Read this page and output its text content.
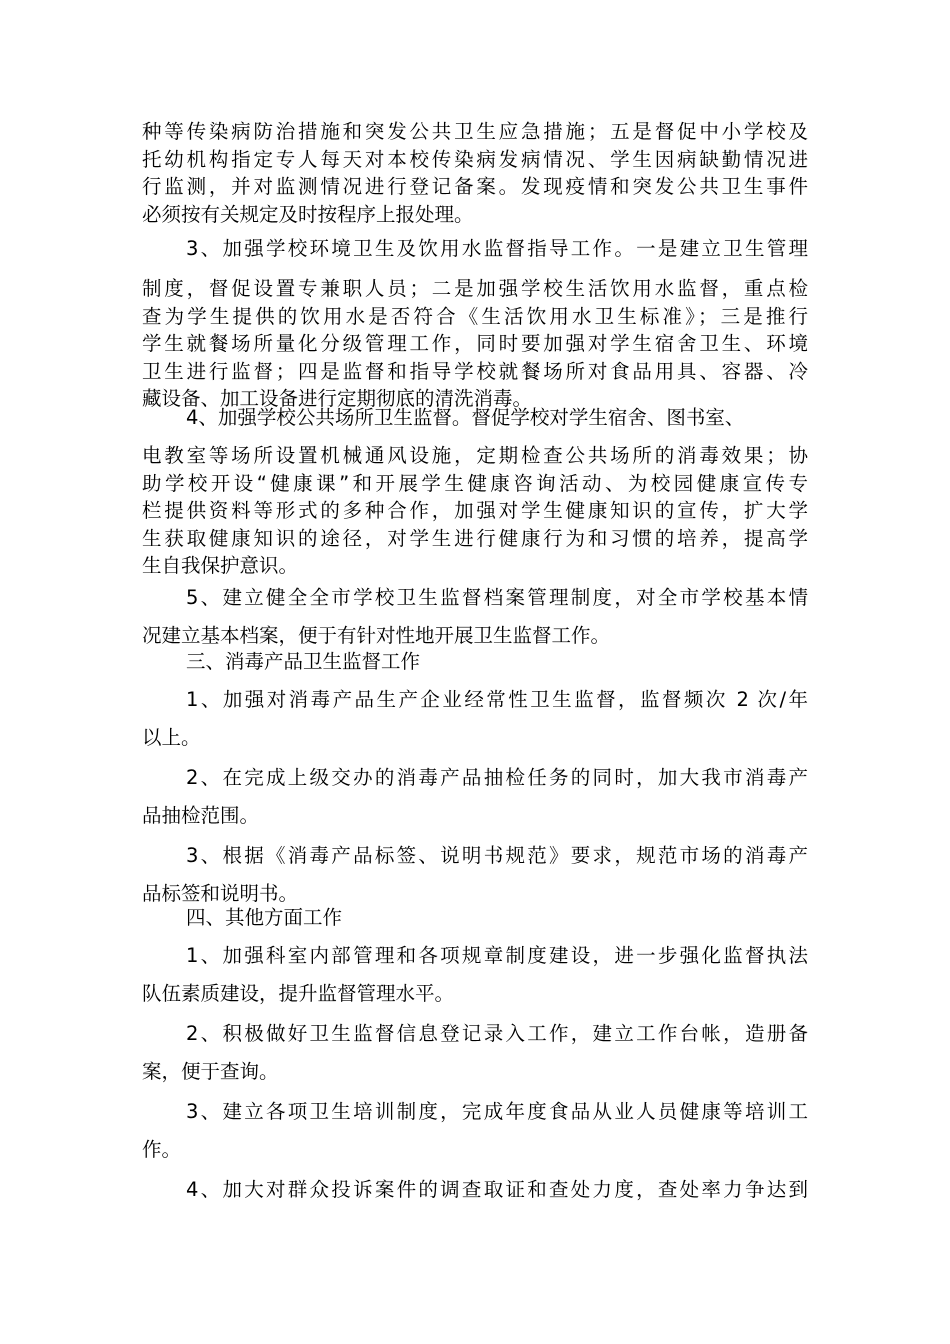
种等传染病防治措施和突发公共卫生应急措施；五是督促中小学校及
托幼机构指定专人每天对本校传染病发病情况、学生因病缺勤情况进
行监测，并对监测情况进行登记备案。发现疫情和突发公共卫生事件
必须按有关规定及时按程序上报处理。
3、加强学校环境卫生及饮用水监督指导工作。一是建立卫生管理
制度，督促设置专兼职人员；二是加强学校生活饮用水监督，重点检
查为学生提供的饮用水是否符合《生活饮用水卫生标准》；三是推行
学生就餐场所量化分级管理工作，同时要加强对学生宿舍卫生、环境
卫生进行监督；四是监督和指导学校就餐场所对食品用具、容器、冷
藏设备、加工设备进行定期彻底的清洗消毒。
4、加强学校公共场所卫生监督。督促学校对学生宿舍、图书室、
电教室等场所设置机械通风设施，定期检查公共场所的消毒效果；协
助学校开设“健康课”和开展学生健康咨询活动、为校园健康宣传专
栏提供资料等形式的多种合作，加强对学生健康知识的宣传，扩大学
生获取健康知识的途径，对学生进行健康行为和习惯的培养，提高学
生自我保护意识。
5、建立健全全市学校卫生监督档案管理制度，对全市学校基本情
况建立基本档案，便于有针对性地开展卫生监督工作。
三、消毒产品卫生监督工作
1、加强对消毒产品生产企业经常性卫生监督，监督频次 2 次/年
以上。
2、在完成上级交办的消毒产品抽检任务的同时，加大我市消毒产
品抽检范围。
3、根据《消毒产品标签、说明书规范》要求，规范市场的消毒产
品标签和说明书。
四、其他方面工作
1、加强科室内部管理和各项规章制度建设，进一步强化监督执法
队伍素质建设，提升监督管理水平。
2、积极做好卫生监督信息登记录入工作，建立工作台帐，造册备
案，便于查询。
3、建立各项卫生培训制度，完成年度食品从业人员健康等培训工
作。
4、加大对群众投诉案件的调查取证和查处力度，查处率力争达到
